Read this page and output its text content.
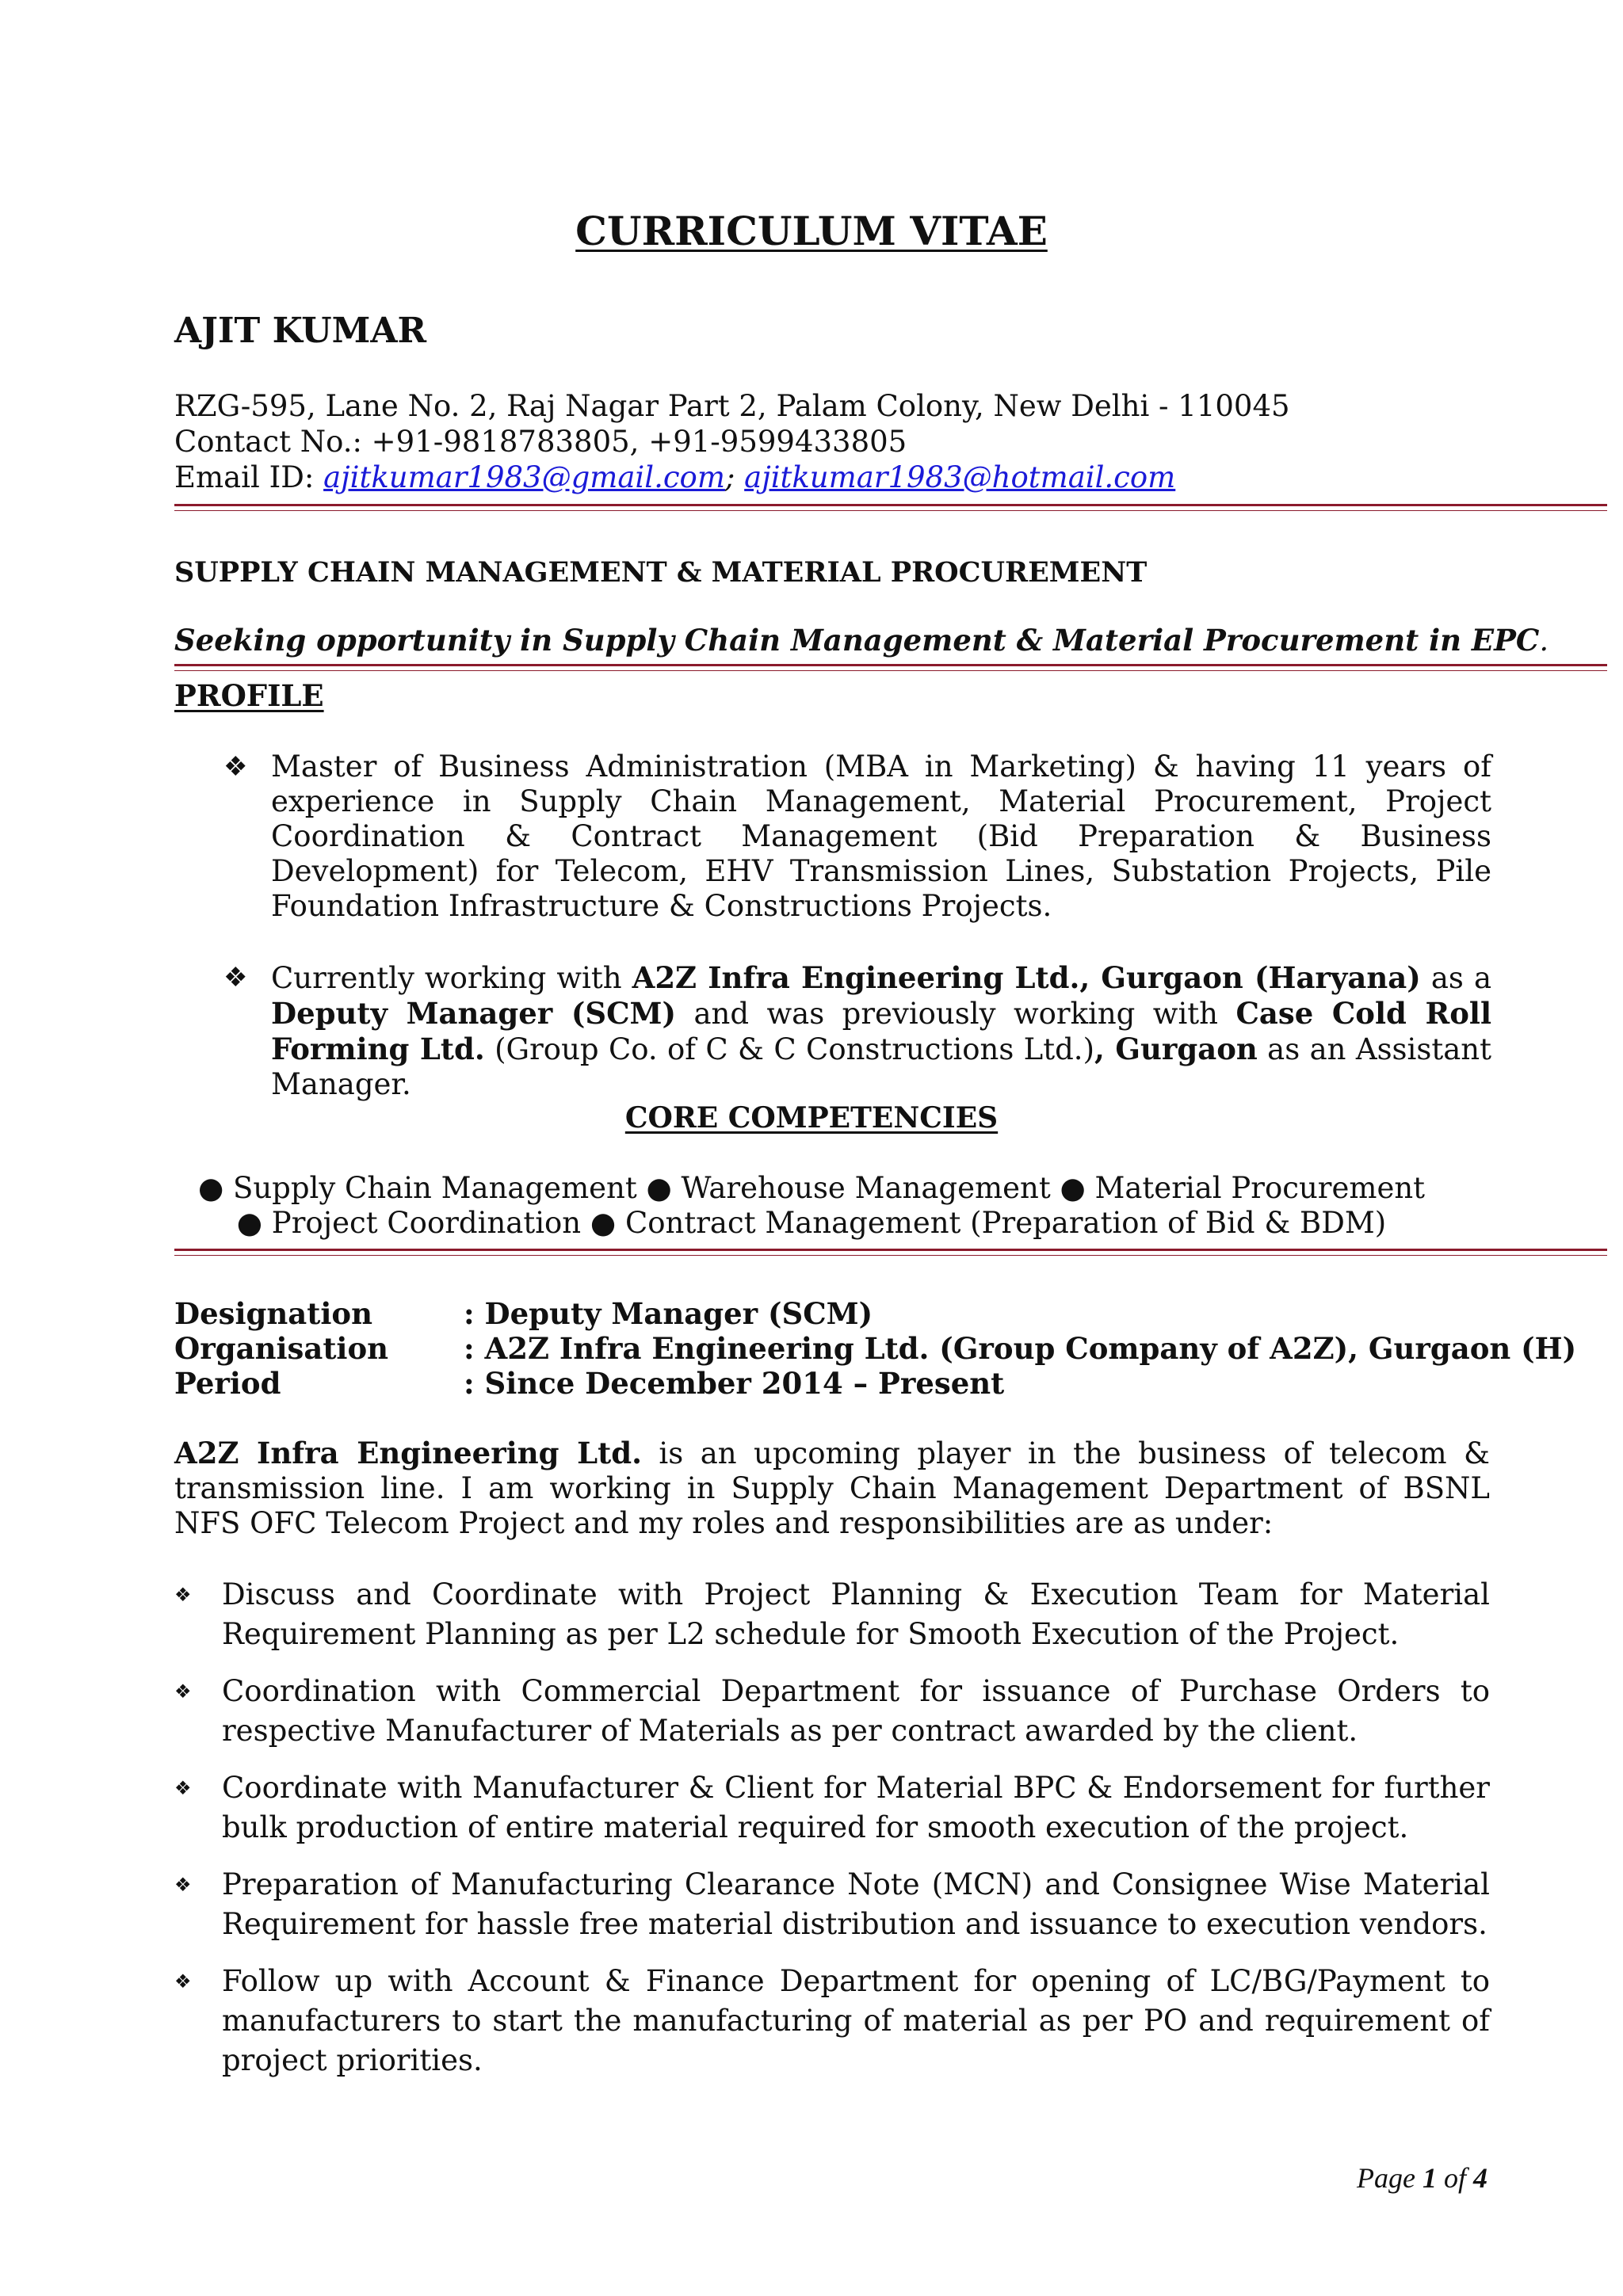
CURRICULUM VITAE
AJIT KUMAR
RZG-595, Lane No. 2, Raj Nagar Part 2, Palam Colony, New Delhi - 110045
Contact No.: +91-9818783805, +91-9599433805
Email ID: ajitkumar1983@gmail.com; ajitkumar1983@hotmail.com
SUPPLY CHAIN MANAGEMENT & MATERIAL PROCUREMENT
Seeking opportunity in Supply Chain Management & Material Procurement in EPC.
PROFILE
❖ Master of Business Administration (MBA in Marketing) & having 11 years of experience in Supply Chain Management, Material Procurement, Project Coordination & Contract Management (Bid Preparation & Business Development) for Telecom, EHV Transmission Lines, Substation Projects, Pile Foundation Infrastructure & Constructions Projects.
❖ Currently working with A2Z Infra Engineering Ltd., Gurgaon (Haryana) as a Deputy Manager (SCM) and was previously working with Case Cold Roll Forming Ltd. (Group Co. of C & C Constructions Ltd.), Gurgaon as an Assistant Manager.
CORE COMPETENCIES
● Supply Chain Management ● Warehouse Management ● Material Procurement
● Project Coordination ● Contract Management (Preparation of Bid & BDM)
Designation	: Deputy Manager (SCM)
Organisation	: A2Z Infra Engineering Ltd. (Group Company of A2Z), Gurgaon (H)
Period	: Since December 2014 – Present
A2Z Infra Engineering Ltd. is an upcoming player in the business of telecom & transmission line. I am working in Supply Chain Management Department of BSNL NFS OFC Telecom Project and my roles and responsibilities are as under:
❖	Discuss and Coordinate with Project Planning & Execution Team for Material Requirement Planning as per L2 schedule for Smooth Execution of the Project.
❖	Coordination with Commercial Department for issuance of Purchase Orders to respective Manufacturer of Materials as per contract awarded by the client.
❖	Coordinate with Manufacturer & Client for Material BPC & Endorsement for further bulk production of entire material required for smooth execution of the project.
❖	Preparation of Manufacturing Clearance Note (MCN) and Consignee Wise Material Requirement for hassle free material distribution and issuance to execution vendors.
❖	Follow up with Account & Finance Department for opening of LC/BG/Payment to manufacturers to start the manufacturing of material as per PO and requirement of project priorities.
Page 1 of 4
